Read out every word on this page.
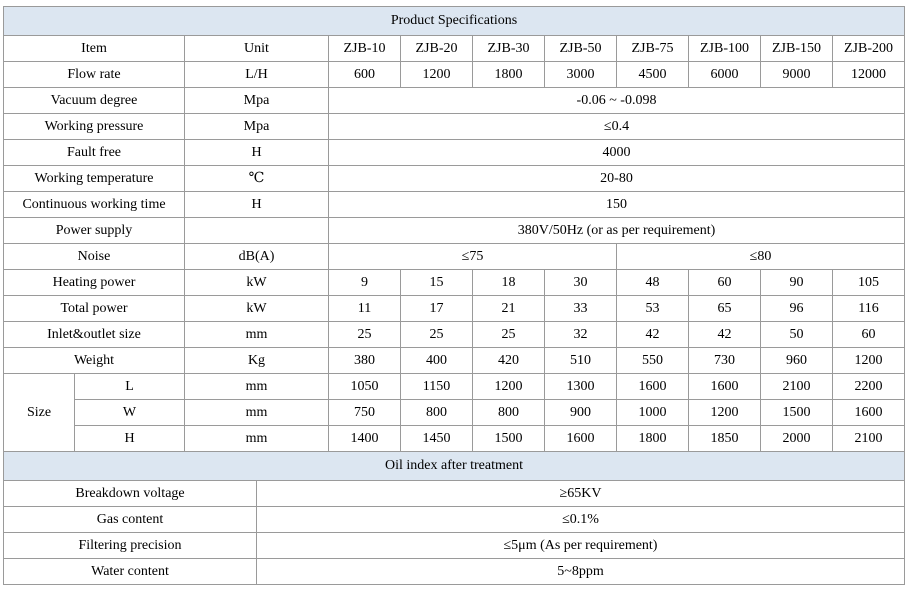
Product Specifications										
Item		Unit	ZJB-10	ZJB-20	ZJB-30	ZJB-50	ZJB-75	ZJB-100	ZJB-150	ZJB-200
Flow rate		L/H	600	1200	1800	3000	4500	6000	9000	12000
Vacuum degree		Mpa	-0.06 ~ -0.098							
Working pressure		Mpa	≤0.4							
Fault free		H	4000							
Working temperature		℃	20-80							
Continuous working time		H	150							
Power supply			380V/50Hz (or as per requirement)							
Noise		dB(A)	≤75				≤80			
Heating power		kW	9	15	18	30	48	60	90	105
Total power		kW	11	17	21	33	53	65	96	116
Inlet&outlet size		mm	25	25	25	32	42	42	50	60
Weight		Kg	380	400	420	510	550	730	960	1200
Size	L	mm	1050	1150	1200	1300	1600	1600	2100	2200
	W	mm	750	800	800	900	1000	1200	1500	1600
	H	mm	1400	1450	1500	1600	1800	1850	2000	2100
Oil index after treatment	
Breakdown voltage	≥65KV
Gas content	≤0.1%
Filtering precision	≤5μm (As per requirement)
Water content	5~8ppm
